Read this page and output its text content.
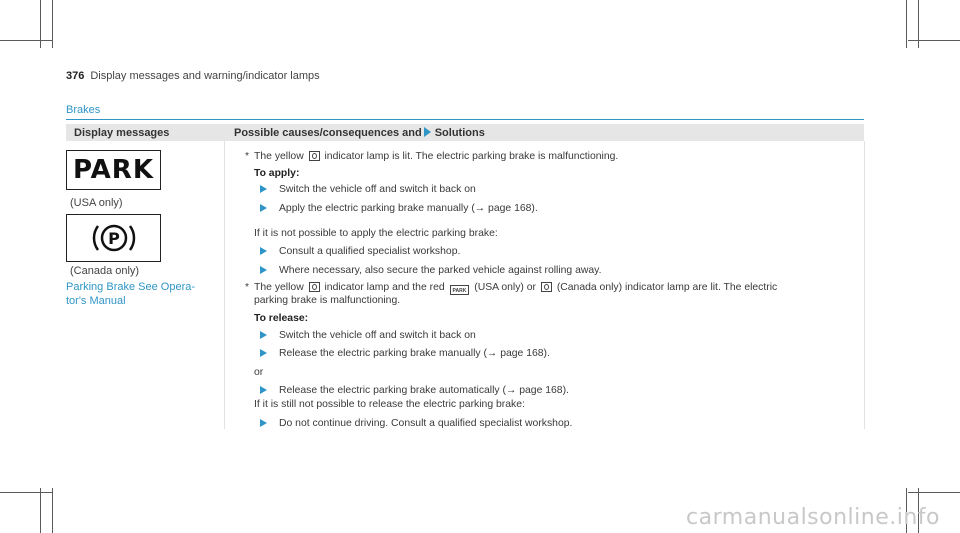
376 Display messages and warning/indicator lamps
Brakes
Display messages	Possible causes/consequences and Solutions
PARK
(USA only)
P
(Canada only)
Parking Brake See Opera-
tor's Manual
* The yellow indicator lamp is lit. The electric parking brake is malfunctioning.
To apply:
Switch the vehicle off and switch it back on
Apply the electric parking brake manually (→ page 168).
If it is not possible to apply the electric parking brake:
Consult a qualified specialist workshop.
Where necessary, also secure the parked vehicle against rolling away.
* The yellow indicator lamp and the red PARK (USA only) or (Canada only) indicator lamp are lit. The electric
parking brake is malfunctioning.
To release:
Switch the vehicle off and switch it back on
Release the electric parking brake manually (→ page 168).
or
Release the electric parking brake automatically (→ page 168).
If it is still not possible to release the electric parking brake:
Do not continue driving. Consult a qualified specialist workshop.
carmanualsonline.info
